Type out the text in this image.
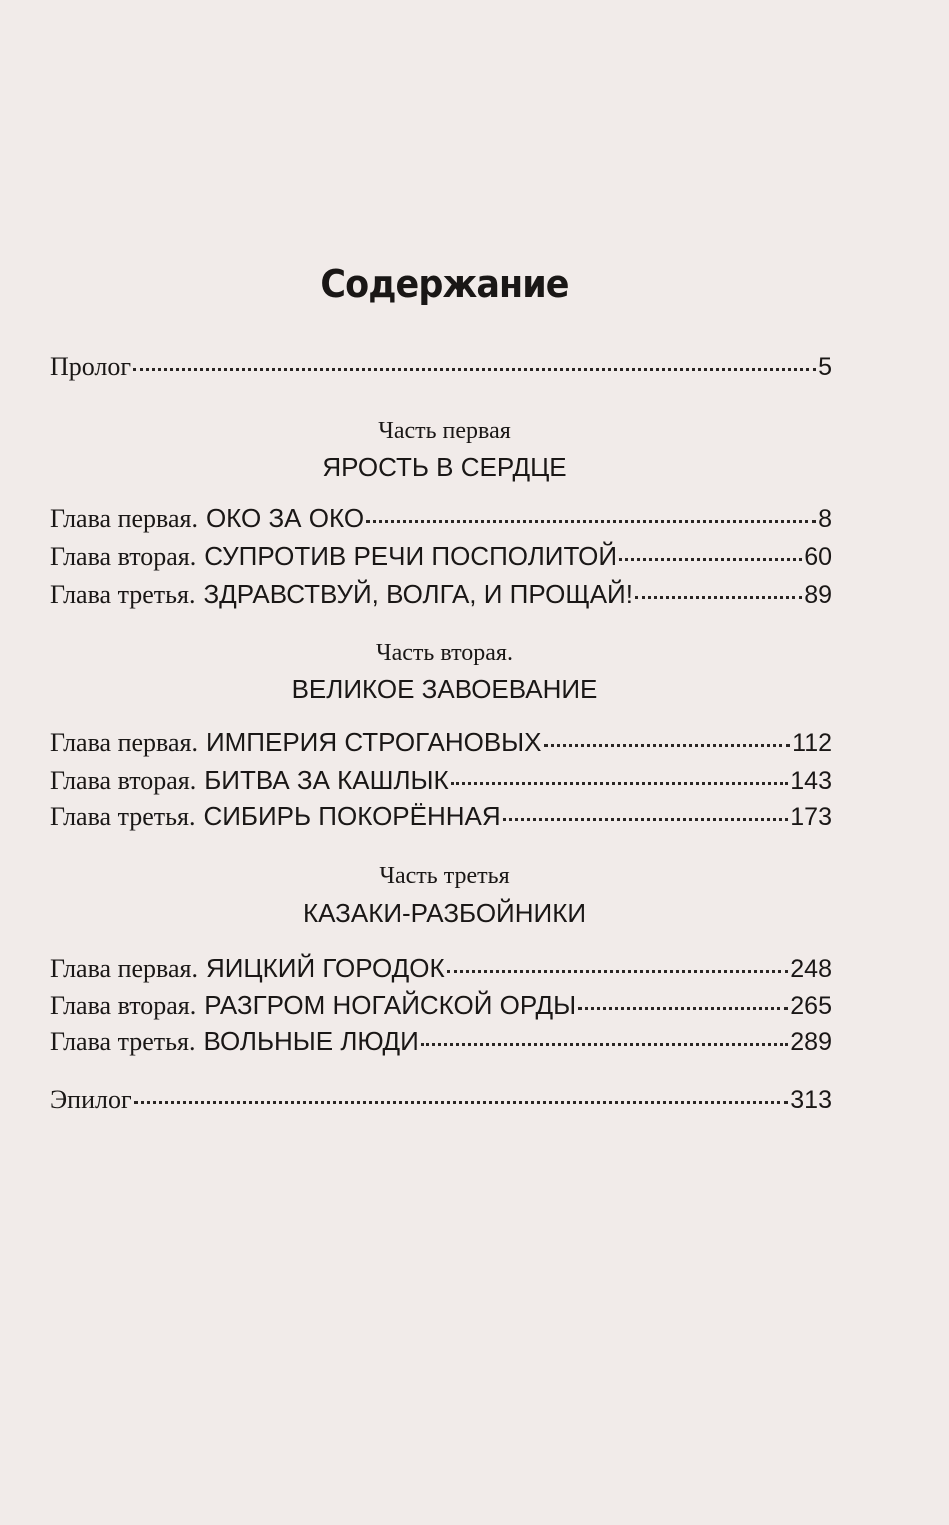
Содержание
Пролог	5
Часть первая
ЯРОСТЬ В СЕРДЦЕ
Глава первая. ОКО ЗА ОКО	8
Глава вторая. СУПРОТИВ РЕЧИ ПОСПОЛИТОЙ	60
Глава третья. ЗДРАВСТВУЙ, ВОЛГА, И ПРОЩАЙ!	89
Часть вторая.
ВЕЛИКОЕ ЗАВОЕВАНИЕ
Глава первая. ИМПЕРИЯ СТРОГАНОВЫХ	112
Глава вторая. БИТВА ЗА КАШЛЫК	143
Глава третья. СИБИРЬ ПОКОРЁННАЯ	173
Часть третья
КАЗАКИ-РАЗБОЙНИКИ
Глава первая. ЯИЦКИЙ ГОРОДОК	248
Глава вторая. РАЗГРОМ НОГАЙСКОЙ ОРДЫ	265
Глава третья. ВОЛЬНЫЕ ЛЮДИ	289
Эпилог	313
